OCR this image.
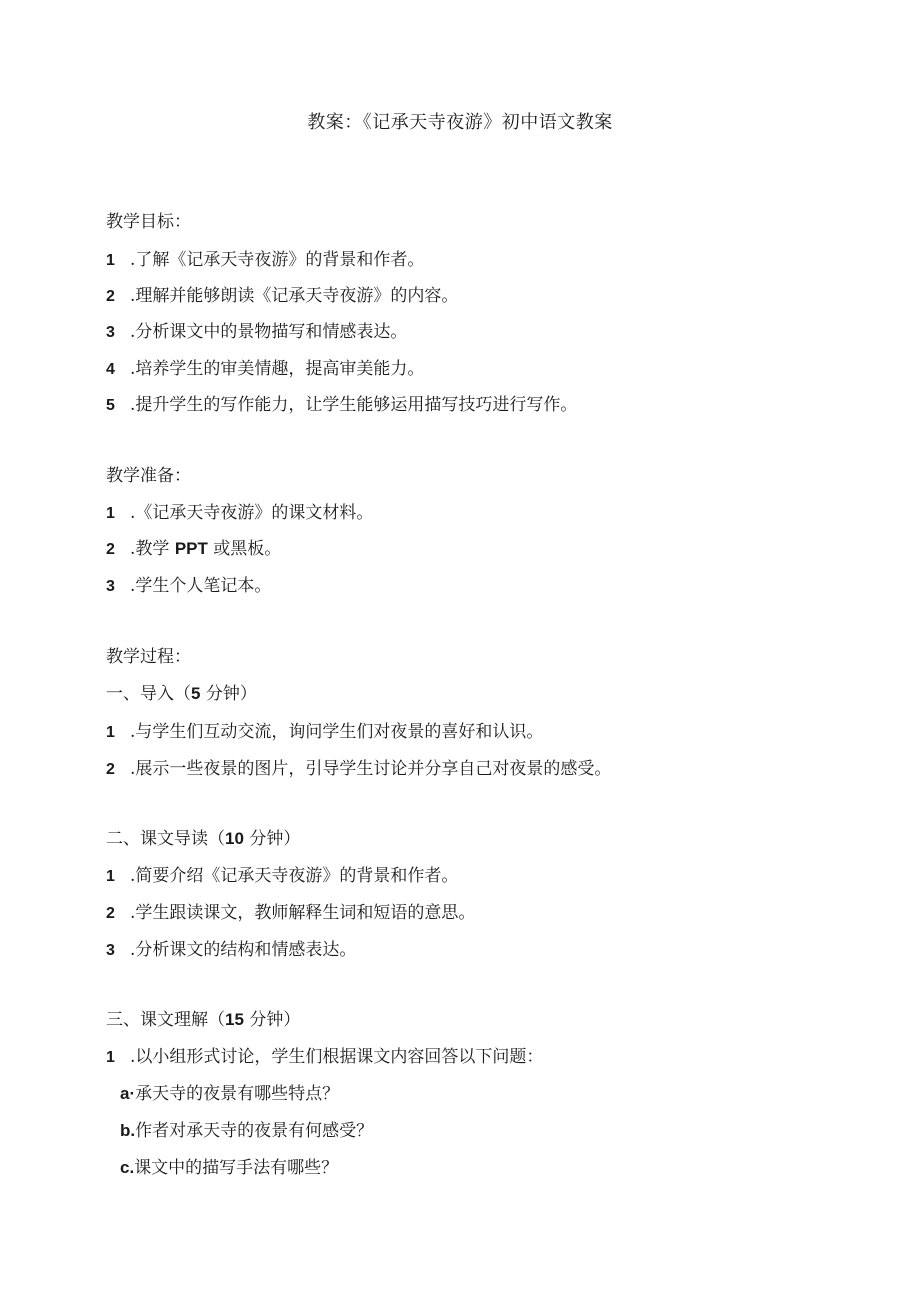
教案：《记承天寺夜游》初中语文教案
教学目标：
1 .了解《记承天寺夜游》的背景和作者。
2 .理解并能够朗读《记承天寺夜游》的内容。
3 .分析课文中的景物描写和情感表达。
4 .培养学生的审美情趣，提高审美能力。
5 .提升学生的写作能力，让学生能够运用描写技巧进行写作。
教学准备：
1 .《记承天寺夜游》的课文材料。
2 .教学 PPT 或黑板。
3 .学生个人笔记本。
教学过程：
一、导入（5 分钟）
1 .与学生们互动交流，询问学生们对夜景的喜好和认识。
2 .展示一些夜景的图片，引导学生讨论并分享自己对夜景的感受。
二、课文导读（10 分钟）
1 .简要介绍《记承天寺夜游》的背景和作者。
2 .学生跟读课文，教师解释生词和短语的意思。
3 .分析课文的结构和情感表达。
三、课文理解（15 分钟）
1 .以小组形式讨论，学生们根据课文内容回答以下问题：
a·承天寺的夜景有哪些特点？
b.作者对承天寺的夜景有何感受？
c.课文中的描写手法有哪些？
